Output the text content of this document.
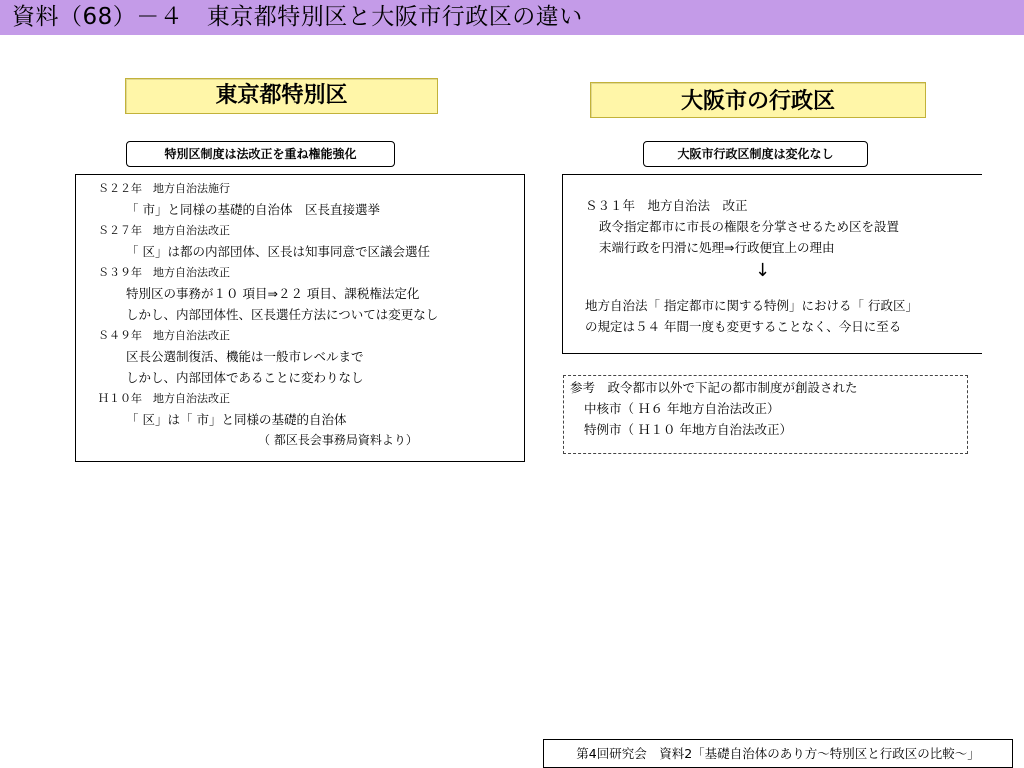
資料（68）－４　東京都特別区と大阪市行政区の違い
東京都特別区	大阪市の行政区
特別区制度は法改正を重ね権能強化	大阪市行政区制度は変化なし
Ｓ２２年　地方自治法施行
「 市」と同様の基礎的自治体　区長直接選挙
Ｓ２７年　地方自治法改正
「 区」は都の内部団体、区長は知事同意で区議会選任
Ｓ３９年　地方自治法改正
特別区の事務が１０ 項目⇒２２ 項目、課税権法定化
しかし、内部団体性、区長選任方法については変更なし
Ｓ４９年　地方自治法改正
区長公選制復活、機能は一般市レベルまで
しかし、内部団体であることに変わりなし
Ｈ１０年　地方自治法改正
「 区」は「 市」と同様の基礎的自治体
（ 都区長会事務局資料より）
Ｓ３１年　地方自治法　改正
政令指定都市に市長の権限を分掌させるため区を設置
末端行政を円滑に処理⇒行政便宜上の理由
↓
地方自治法「 指定都市に関する特例」における「 行政区」
の規定は５４ 年間一度も変更することなく、今日に至る
参考　政令都市以外で下記の都市制度が創設された
中核市（ Ｈ６ 年地方自治法改正）
特例市（ Ｈ１０ 年地方自治法改正）
第4回研究会　資料2「基礎自治体のあり方～特別区と行政区の比較～」
